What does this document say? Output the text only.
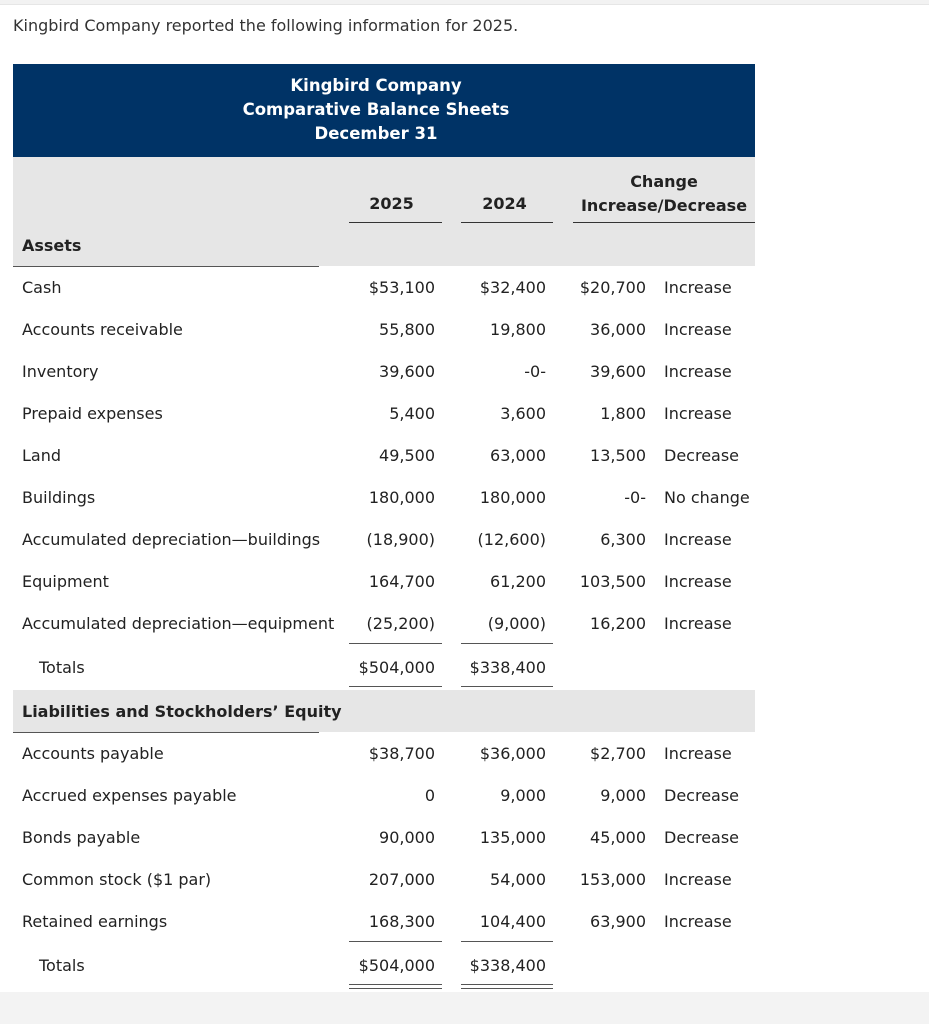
Kingbird Company reported the following information for 2025.
Kingbird Company
Comparative Balance Sheets
December 31
2025	2024
Change
Increase/Decrease
Assets
Cash	$53,100	$32,400	$20,700 Increase
Accounts receivable	55,800	19,800	36,000 Increase
Inventory	39,600	-0-	39,600 Increase
Prepaid expenses	5,400	3,600	1,800 Increase
Land	49,500	63,000	13,500 Decrease
Buildings	180,000	180,000	-0- No change
Accumulated depreciation—buildings	(18,900)	(12,600)	6,300 Increase
Equipment	164,700	61,200	103,500 Increase
Accumulated depreciation—equipment	(25,200)	(9,000)	16,200 Increase
Totals	$504,000	$338,400
Liabilities and Stockholders’ Equity
Accounts payable	$38,700	$36,000	$2,700 Increase
Accrued expenses payable	0	9,000	9,000 Decrease
Bonds payable	90,000	135,000	45,000 Decrease
Common stock ($1 par)	207,000	54,000	153,000 Increase
Retained earnings	168,300	104,400	63,900 Increase
Totals	$504,000	$338,400
